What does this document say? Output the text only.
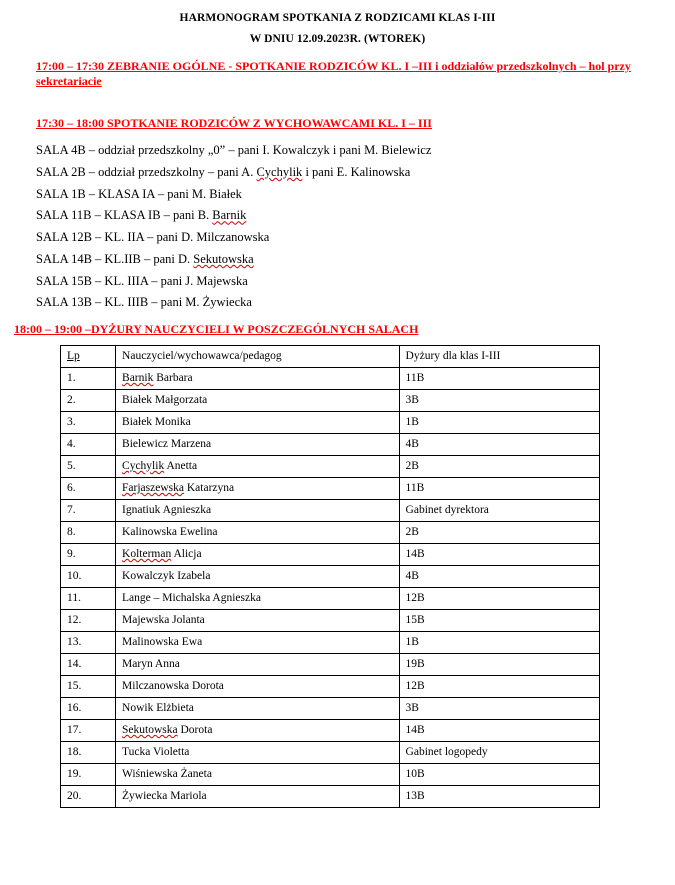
HARMONOGRAM SPOTKANIA Z RODZICAMI KLAS I-III
W DNIU 12.09.2023R. (WTOREK)
17:00 – 17:30 ZEBRANIE OGÓLNE - SPOTKANIE RODZICÓW KL. I –III i oddziałów przedszkolnych – hol przy sekretariacie
17:30 – 18:00 SPOTKANIE RODZICÓW Z WYCHOWAWCAMI KL. I – III
SALA 4B – oddział przedszkolny „0” – pani I. Kowalczyk i pani M. Bielewicz
SALA 2B – oddział przedszkolny – pani A. Cychylik i pani E. Kalinowska
SALA 1B – KLASA IA – pani M. Białek
SALA 11B – KLASA IB – pani B. Barnik
SALA 12B – KL. IIA – pani D. Milczanowska
SALA 14B – KL.IIB – pani D. Sekutowska
SALA 15B – KL. IIIA – pani J. Majewska
SALA 13B – KL. IIIB – pani M. Żywiecka
18:00 – 19:00 –DYŻURY NAUCZYCIELI W POSZCZEGÓLNYCH SALACH
Lp	Nauczyciel/wychowawca/pedagog	Dyżury dla klas I-III
1.	Barnik Barbara	11B
2.	Białek Małgorzata	3B
3.	Białek Monika	1B
4.	Bielewicz Marzena	4B
5.	Cychylik Anetta	2B
6.	Farjaszewska Katarzyna	11B
7.	Ignatiuk Agnieszka	Gabinet dyrektora
8.	Kalinowska Ewelina	2B
9.	Kolterman Alicja	14B
10.	Kowalczyk Izabela	4B
11.	Lange – Michalska Agnieszka	12B
12.	Majewska Jolanta	15B
13.	Malinowska Ewa	1B
14.	Maryn Anna	19B
15.	Milczanowska Dorota	12B
16.	Nowik Elżbieta	3B
17.	Sekutowska Dorota	14B
18.	Tucka Violetta	Gabinet logopedy
19.	Wiśniewska Żaneta	10B
20.	Żywiecka Mariola	13B
